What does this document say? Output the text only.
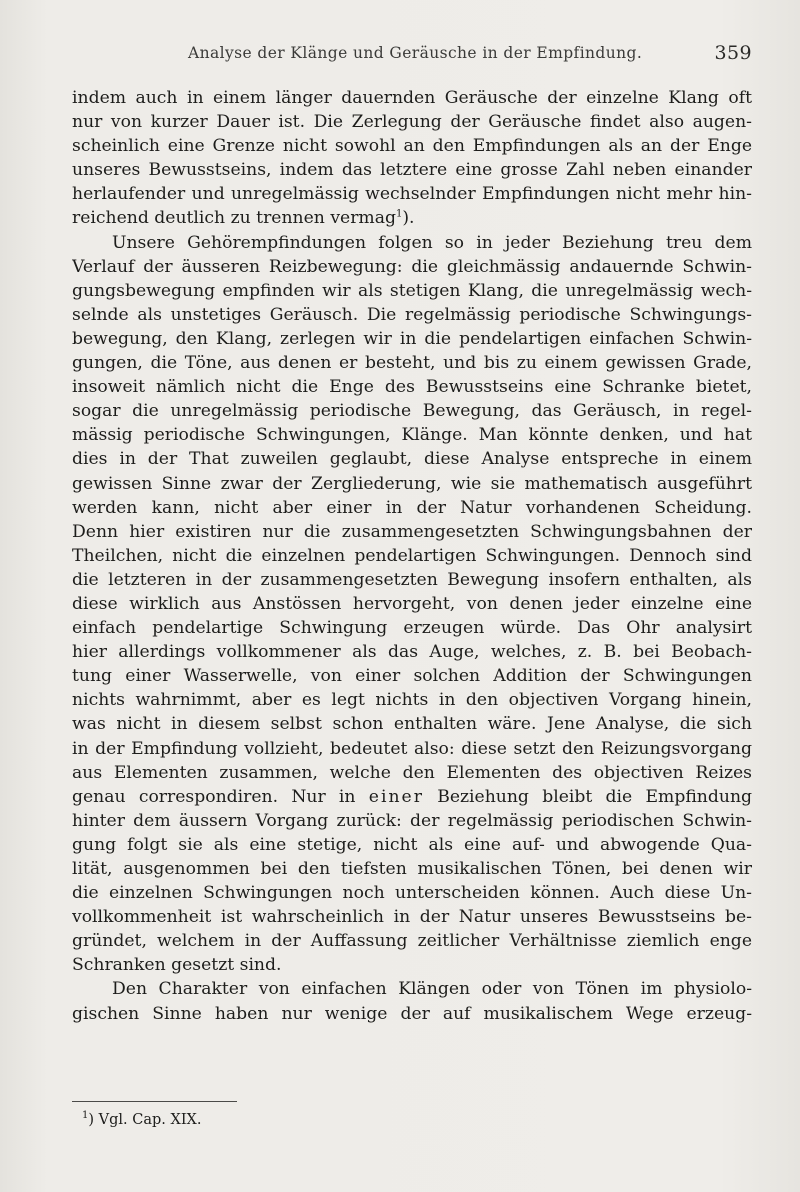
Analyse der Klänge und Geräusche in der Empfindung.	359
indem auch in einem länger dauernden Geräusche der einzelne Klang oft
nur von kurzer Dauer ist. Die Zerlegung der Geräusche findet also augen-
scheinlich eine Grenze nicht sowohl an den Empfindungen als an der Enge
unseres Bewusstseins, indem das letztere eine grosse Zahl neben einander
herlaufender und unregelmässig wechselnder Empfindungen nicht mehr hin-
reichend deutlich zu trennen vermag$^1$).
Unsere Gehörempfindungen folgen so in jeder Beziehung treu dem
Verlauf der äusseren Reizbewegung: die gleichmässig andauernde Schwin-
gungsbewegung empfinden wir als stetigen Klang, die unregelmässig wech-
selnde als unstetiges Geräusch. Die regelmässig periodische Schwingungs-
bewegung, den Klang, zerlegen wir in die pendelartigen einfachen Schwin-
gungen, die Töne, aus denen er besteht, und bis zu einem gewissen Grade,
insoweit nämlich nicht die Enge des Bewusstseins eine Schranke bietet,
sogar die unregelmässig periodische Bewegung, das Geräusch, in regel-
mässig periodische Schwingungen, Klänge. Man könnte denken, und hat
dies in der That zuweilen geglaubt, diese Analyse entspreche in einem
gewissen Sinne zwar der Zergliederung, wie sie mathematisch ausgeführt
werden kann, nicht aber einer in der Natur vorhandenen Scheidung.
Denn hier existiren nur die zusammengesetzten Schwingungsbahnen der
Theilchen, nicht die einzelnen pendelartigen Schwingungen. Dennoch sind
die letzteren in der zusammengesetzten Bewegung insofern enthalten, als
diese wirklich aus Anstössen hervorgeht, von denen jeder einzelne eine
einfach pendelartige Schwingung erzeugen würde. Das Ohr analysirt
hier allerdings vollkommener als das Auge, welches, z. B. bei Beobach-
tung einer Wasserwelle, von einer solchen Addition der Schwingungen
nichts wahrnimmt, aber es legt nichts in den objectiven Vorgang hinein,
was nicht in diesem selbst schon enthalten wäre. Jene Analyse, die sich
in der Empfindung vollzieht, bedeutet also: diese setzt den Reizungsvorgang
aus Elementen zusammen, welche den Elementen des objectiven Reizes
genau correspondiren. Nur in einer Beziehung bleibt die Empfindung
hinter dem äussern Vorgang zurück: der regelmässig periodischen Schwin-
gung folgt sie als eine stetige, nicht als eine auf- und abwogende Qua-
lität, ausgenommen bei den tiefsten musikalischen Tönen, bei denen wir
die einzelnen Schwingungen noch unterscheiden können. Auch diese Un-
vollkommenheit ist wahrscheinlich in der Natur unseres Bewusstseins be-
gründet, welchem in der Auffassung zeitlicher Verhältnisse ziemlich enge
Schranken gesetzt sind.
Den Charakter von einfachen Klängen oder von Tönen im physiolo-
gischen Sinne haben nur wenige der auf musikalischem Wege erzeug-
$^1$) Vgl. Cap. XIX.
